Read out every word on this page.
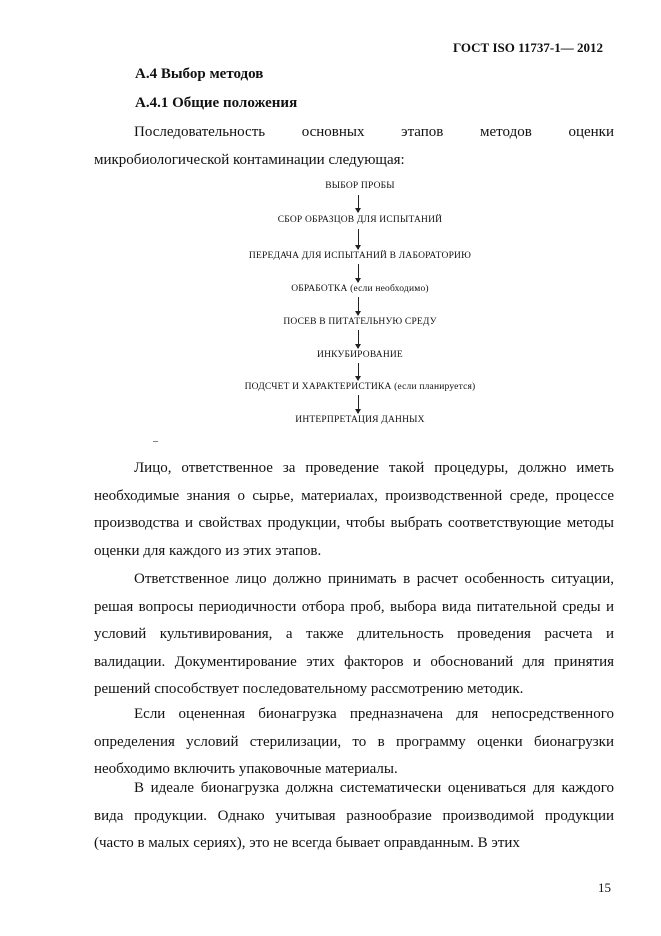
ГОСТ ISO 11737-1— 2012
А.4 Выбор методов
А.4.1 Общие положения

Последовательность основных этапов методов оценки микробиологической контаминации следующая:

ВЫБОР ПРОБЫ
СБОР ОБРАЗЦОВ ДЛЯ ИСПЫТАНИЙ
ПЕРЕДАЧА ДЛЯ ИСПЫТАНИЙ В ЛАБОРАТОРИЮ
ОБРАБОТКА (если необходимо)
ПОСЕВ В ПИТАТЕЛЬНУЮ СРЕДУ
ИНКУБИРОВАНИЕ
ПОДСЧЕТ И ХАРАКТЕРИСТИКА (если планируется)
ИНТЕРПРЕТАЦИЯ ДАННЫХ
–

Лицо, ответственное за проведение такой процедуры, должно иметь необходимые знания о сырье, материалах, производственной среде, процессе производства и свойствах продукции, чтобы выбрать соответствующие методы оценки для каждого из этих этапов.

Ответственное лицо должно принимать в расчет особенность ситуации, решая вопросы периодичности отбора проб, выбора вида питательной среды и условий культивирования, а также длительность проведения расчета и валидации. Документирование этих факторов и обоснований для принятия решений способствует последовательному рассмотрению методик.

Если оцененная бионагрузка предназначена для непосредственного определения условий стерилизации, то в программу оценки бионагрузки необходимо включить упаковочные материалы.

В идеале бионагрузка должна систематически оцениваться для каждого вида продукции. Однако учитывая разнообразие производимой продукции (часто в малых сериях), это не всегда бывает оправданным. В этих

15
